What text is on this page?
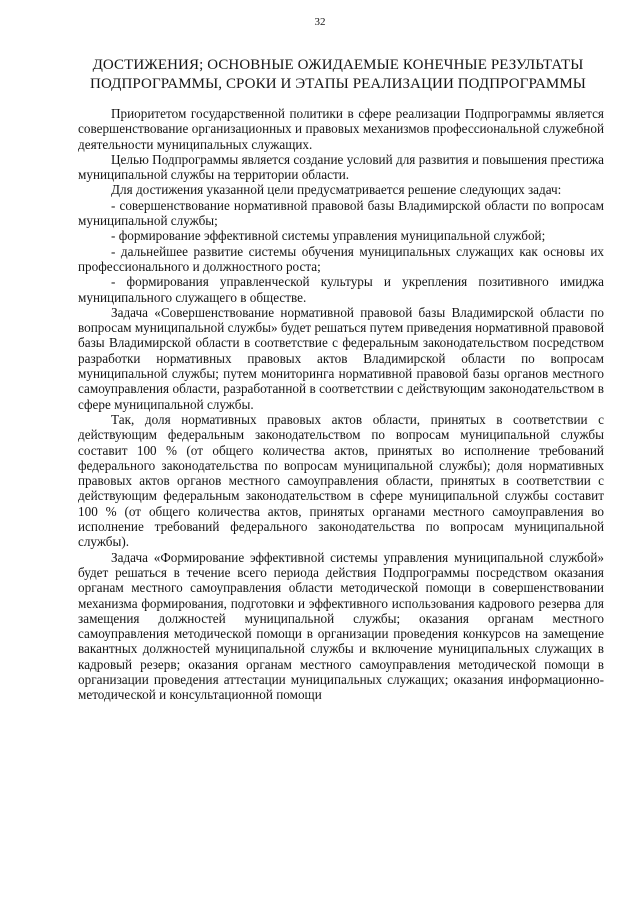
32
ДОСТИЖЕНИЯ; ОСНОВНЫЕ ОЖИДАЕМЫЕ КОНЕЧНЫЕ РЕЗУЛЬТАТЫ
ПОДПРОГРАММЫ, СРОКИ И ЭТАПЫ РЕАЛИЗАЦИИ ПОДПРОГРАММЫ

Приоритетом государственной политики в сфере реализации Подпрограммы является совершенствование организационных и правовых механизмов профессиональной служебной деятельности муниципальных служащих.

Целью Подпрограммы является создание условий для развития и повышения престижа муниципальной службы на территории области.

Для достижения указанной цели предусматривается решение следующих задач:

- совершенствование нормативной правовой базы Владимирской области по вопросам муниципальной службы;

- формирование эффективной системы управления муниципальной службой;

- дальнейшее развитие системы обучения муниципальных служащих как основы их профессионального и должностного роста;

- формирования управленческой культуры и укрепления позитивного имиджа муниципального служащего в обществе.

Задача «Совершенствование нормативной правовой базы Владимирской области по вопросам муниципальной службы» будет решаться путем приведения нормативной правовой базы Владимирской области в соответствие с федеральным законодательством посредством разработки нормативных правовых актов Владимирской области по вопросам муниципальной службы; путем мониторинга нормативной правовой базы органов местного самоуправления области, разработанной в соответствии с действующим законодательством в сфере муниципальной службы.

Так, доля нормативных правовых актов области, принятых в соответствии с действующим федеральным законодательством по вопросам муниципальной службы составит 100 % (от общего количества актов, принятых во исполнение требований федерального законодательства по вопросам муниципальной службы); доля нормативных правовых актов органов местного самоуправления области, принятых в соответствии с действующим федеральным законодательством в сфере муниципальной службы составит 100 % (от общего количества актов, принятых органами местного самоуправления во исполнение требований федерального законодательства по вопросам муниципальной службы).

Задача «Формирование эффективной системы управления муниципальной службой» будет решаться в течение всего периода действия Подпрограммы посредством оказания органам местного самоуправления области методической помощи в совершенствовании механизма формирования, подготовки и эффективного использования кадрового резерва для замещения должностей муниципальной службы; оказания органам местного самоуправления методической помощи в организации проведения конкурсов на замещение вакантных должностей муниципальной службы и включение муниципальных служащих в кадровый резерв; оказания органам местного самоуправления методической помощи в организации проведения аттестации муниципальных служащих; оказания информационно-методической и консультационной помощи
